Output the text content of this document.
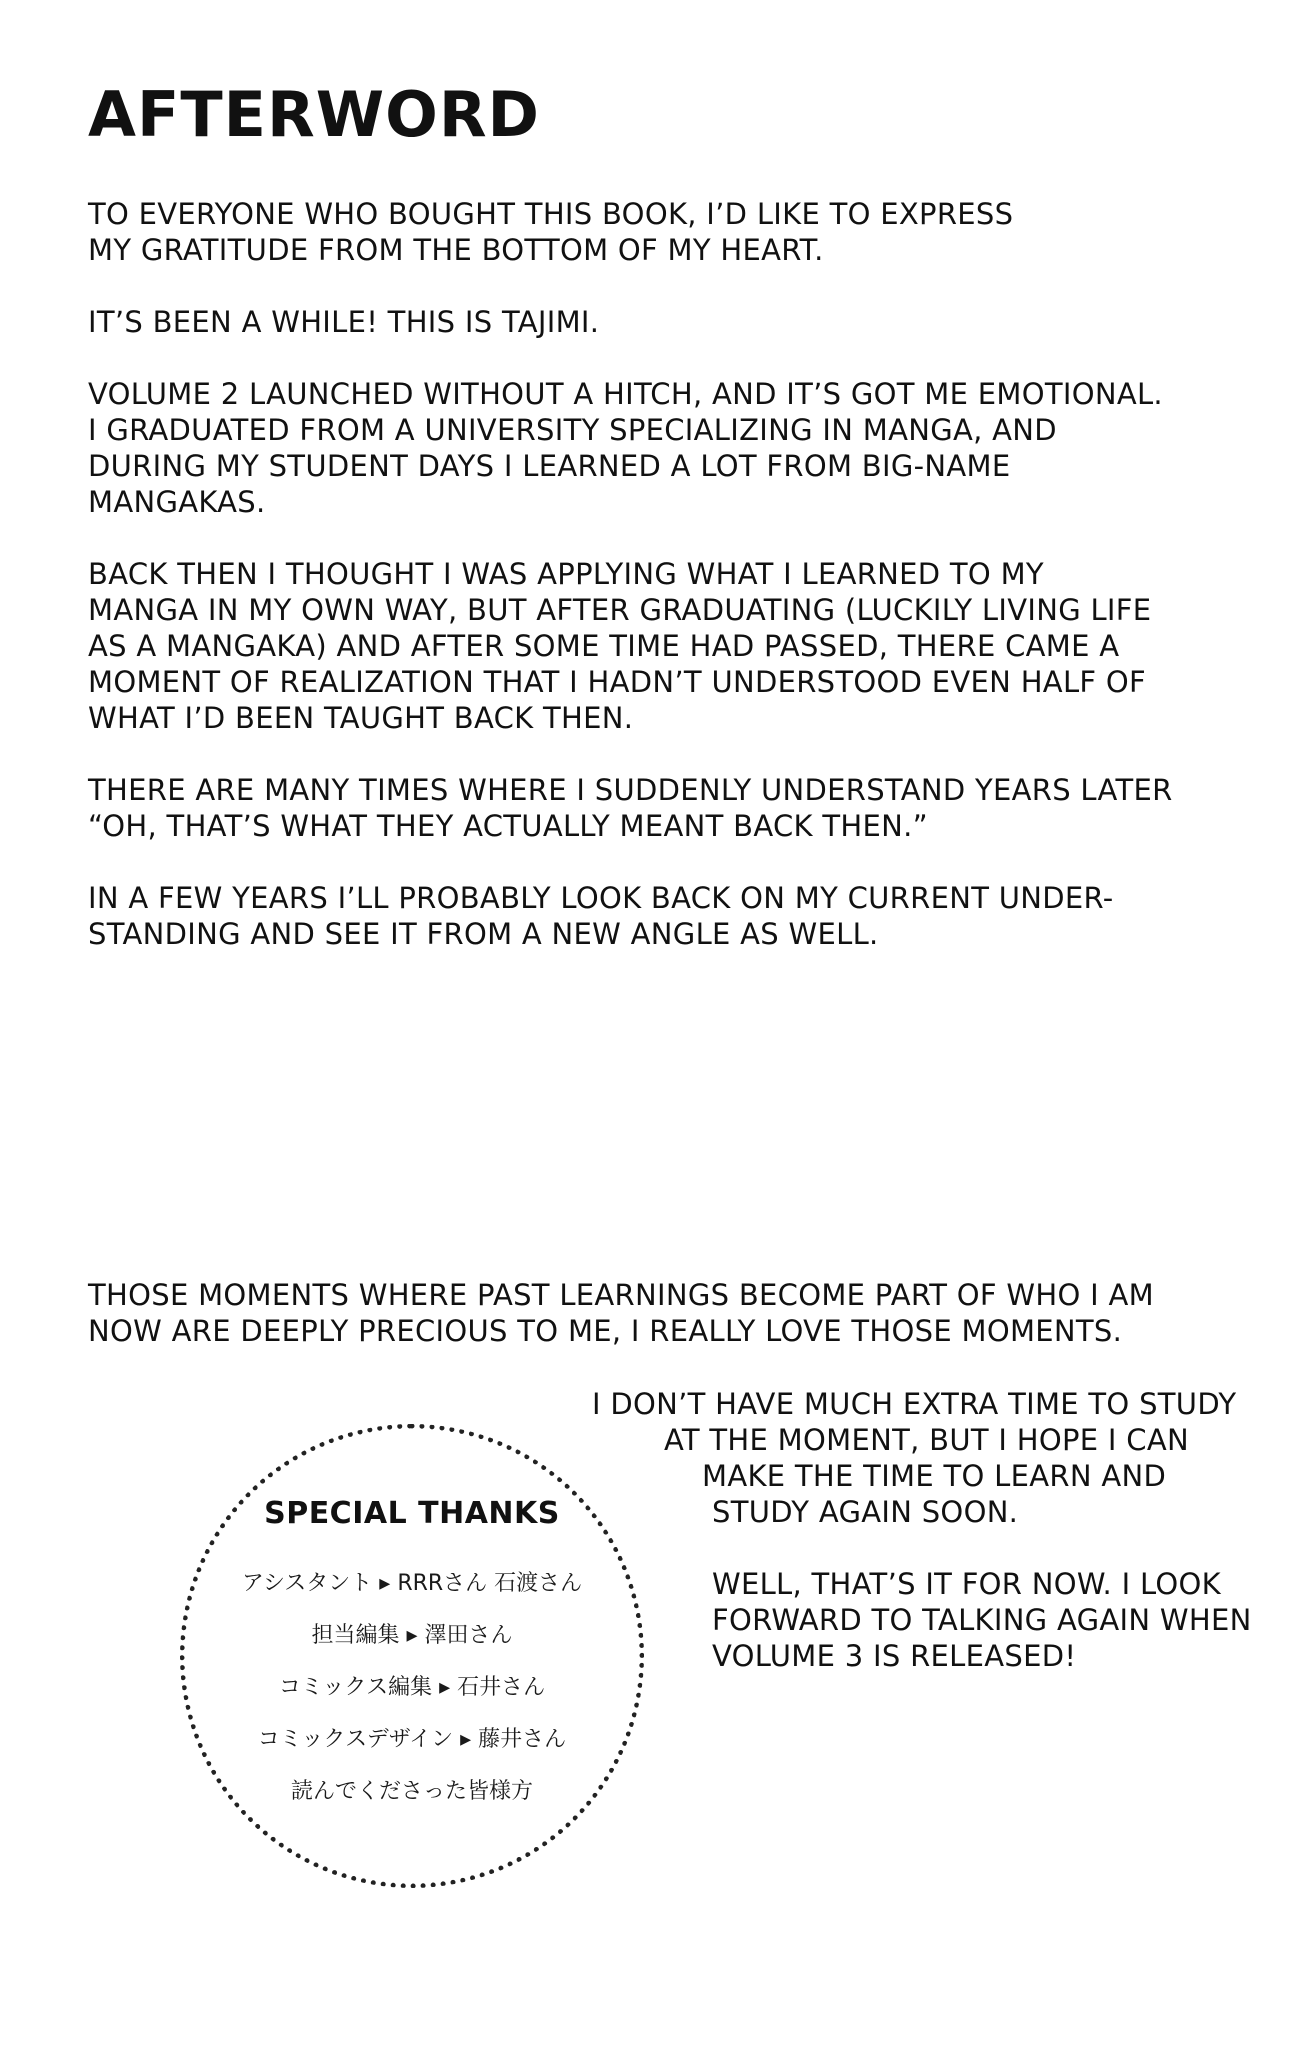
AFTERWORD
TO EVERYONE WHO BOUGHT THIS BOOK, I’D LIKE TO EXPRESS
MY GRATITUDE FROM THE BOTTOM OF MY HEART.
IT’S BEEN A WHILE! THIS IS TAJIMI.
VOLUME 2 LAUNCHED WITHOUT A HITCH, AND IT’S GOT ME EMOTIONAL.
I GRADUATED FROM A UNIVERSITY SPECIALIZING IN MANGA, AND
DURING MY STUDENT DAYS I LEARNED A LOT FROM BIG-NAME
MANGAKAS.
BACK THEN I THOUGHT I WAS APPLYING WHAT I LEARNED TO MY
MANGA IN MY OWN WAY, BUT AFTER GRADUATING (LUCKILY LIVING LIFE
AS A MANGAKA) AND AFTER SOME TIME HAD PASSED, THERE CAME A
MOMENT OF REALIZATION THAT I HADN’T UNDERSTOOD EVEN HALF OF
WHAT I’D BEEN TAUGHT BACK THEN.
THERE ARE MANY TIMES WHERE I SUDDENLY UNDERSTAND YEARS LATER
“OH, THAT’S WHAT THEY ACTUALLY MEANT BACK THEN.”
IN A FEW YEARS I’LL PROBABLY LOOK BACK ON MY CURRENT UNDER-
STANDING AND SEE IT FROM A NEW ANGLE AS WELL.
THOSE MOMENTS WHERE PAST LEARNINGS BECOME PART OF WHO I AM
NOW ARE DEEPLY PRECIOUS TO ME, I REALLY LOVE THOSE MOMENTS.
I DON’T HAVE MUCH EXTRA TIME TO STUDY
AT THE MOMENT, BUT I HOPE I CAN
MAKE THE TIME TO LEARN AND
STUDY AGAIN SOON.
WELL, THAT’S IT FOR NOW. I LOOK
FORWARD TO TALKING AGAIN WHEN
VOLUME 3 IS RELEASED!
SPECIAL THANKS
アシスタント ▸ RRRさん 石渡さん
担当編集 ▸ 澤田さん
コミックス編集 ▸ 石井さん
コミックスデザイン ▸ 藤井さん
読んでくださった皆様方
